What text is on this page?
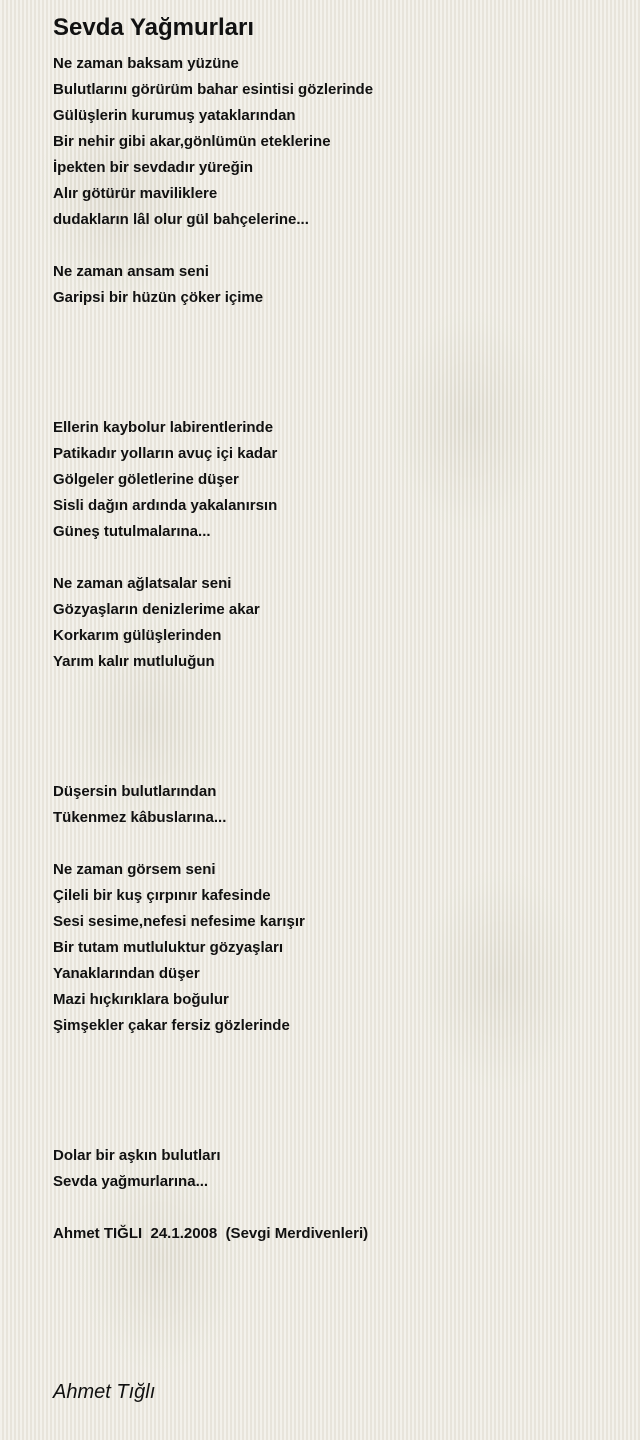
Sevda Yağmurları
Ne zaman baksam yüzüne
Bulutlarını görürüm bahar esintisi gözlerinde
Gülüşlerin kurumuş yataklarından
Bir nehir gibi akar,gönlümün eteklerine
İpekten bir sevdadır yüreğin
Alır götürür maviliklere
dudakların lâl olur gül bahçelerine...
Ne zaman ansam seni
Garipsi bir hüzün çöker içime
Ellerin kaybolur labirentlerinde
Patikadır yolların avuç içi kadar
Gölgeler göletlerine düşer
Sisli dağın ardında yakalanırsın
Güneş tutulmalarına...
Ne zaman ağlatsalar seni
Gözyaşların denizlerime akar
Korkarım gülüşlerinden
Yarım kalır mutluluğun
Düşersin bulutlarından
Tükenmez kâbuslarına...
Ne zaman görsem seni
Çileli bir kuş çırpınır kafesinde
Sesi sesime,nefesi nefesime karışır
Bir tutam mutluluktur gözyaşları
Yanaklarından düşer
Mazi hıçkırıklara boğulur
Şimşekler çakar fersiz gözlerinde
Dolar bir aşkın bulutları
Sevda yağmurlarına...
Ahmet TIĞLI  24.1.2008  (Sevgi Merdivenleri)
Ahmet Tığlı
